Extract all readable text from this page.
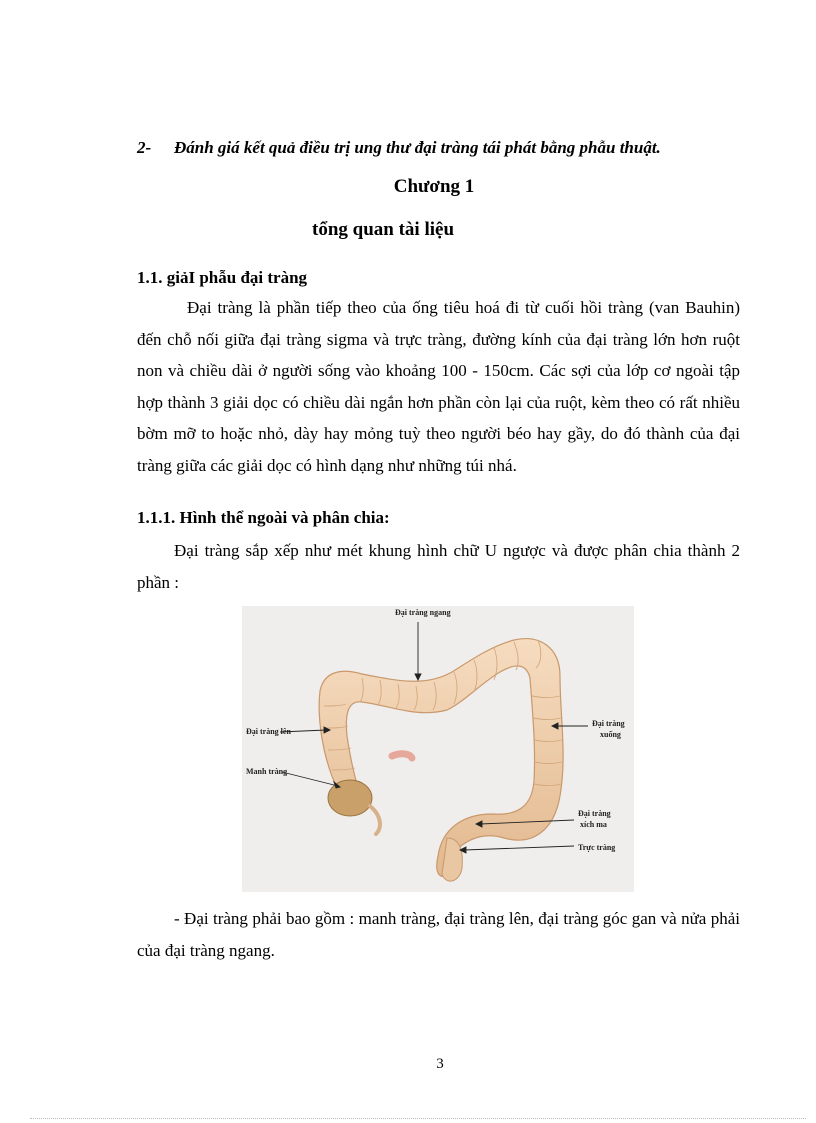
2- Đánh giá kết quả điều trị ung thư đại tràng tái phát bằng phẫu thuật.
Chương 1
tổng quan tài liệu
1.1. giảI phẫu đại tràng

Đại tràng là phần tiếp theo của ống tiêu hoá đi từ cuối hồi tràng (van Bauhin) đến chỗ nối giữa đại tràng sigma và trực tràng, đường kính của đại tràng lớn hơn ruột non và chiều dài ở người sống vào khoảng 100 - 150cm. Các sợi của lớp cơ ngoài tập hợp thành 3 giải dọc có chiều dài ngắn hơn phần còn lại của ruột, kèm theo có rất nhiều bờm mỡ to hoặc nhỏ, dày hay mỏng tuỳ theo người béo hay gầy, do đó thành của đại tràng giữa các giải dọc có hình dạng như những túi nhá.

1.1.1. Hình thể ngoài và phân chia:

Đại tràng sắp xếp như mét khung hình chữ U ngược và được phân chia thành 2 phần :

Đại tràng ngang
Đại tràng lên
Manh tràng
Đại tràng
xuống
Đại tràng
xích ma
Trực tràng

- Đại tràng phải bao gồm : manh tràng, đại tràng lên, đại tràng góc gan và nửa phải của đại tràng ngang.

3
